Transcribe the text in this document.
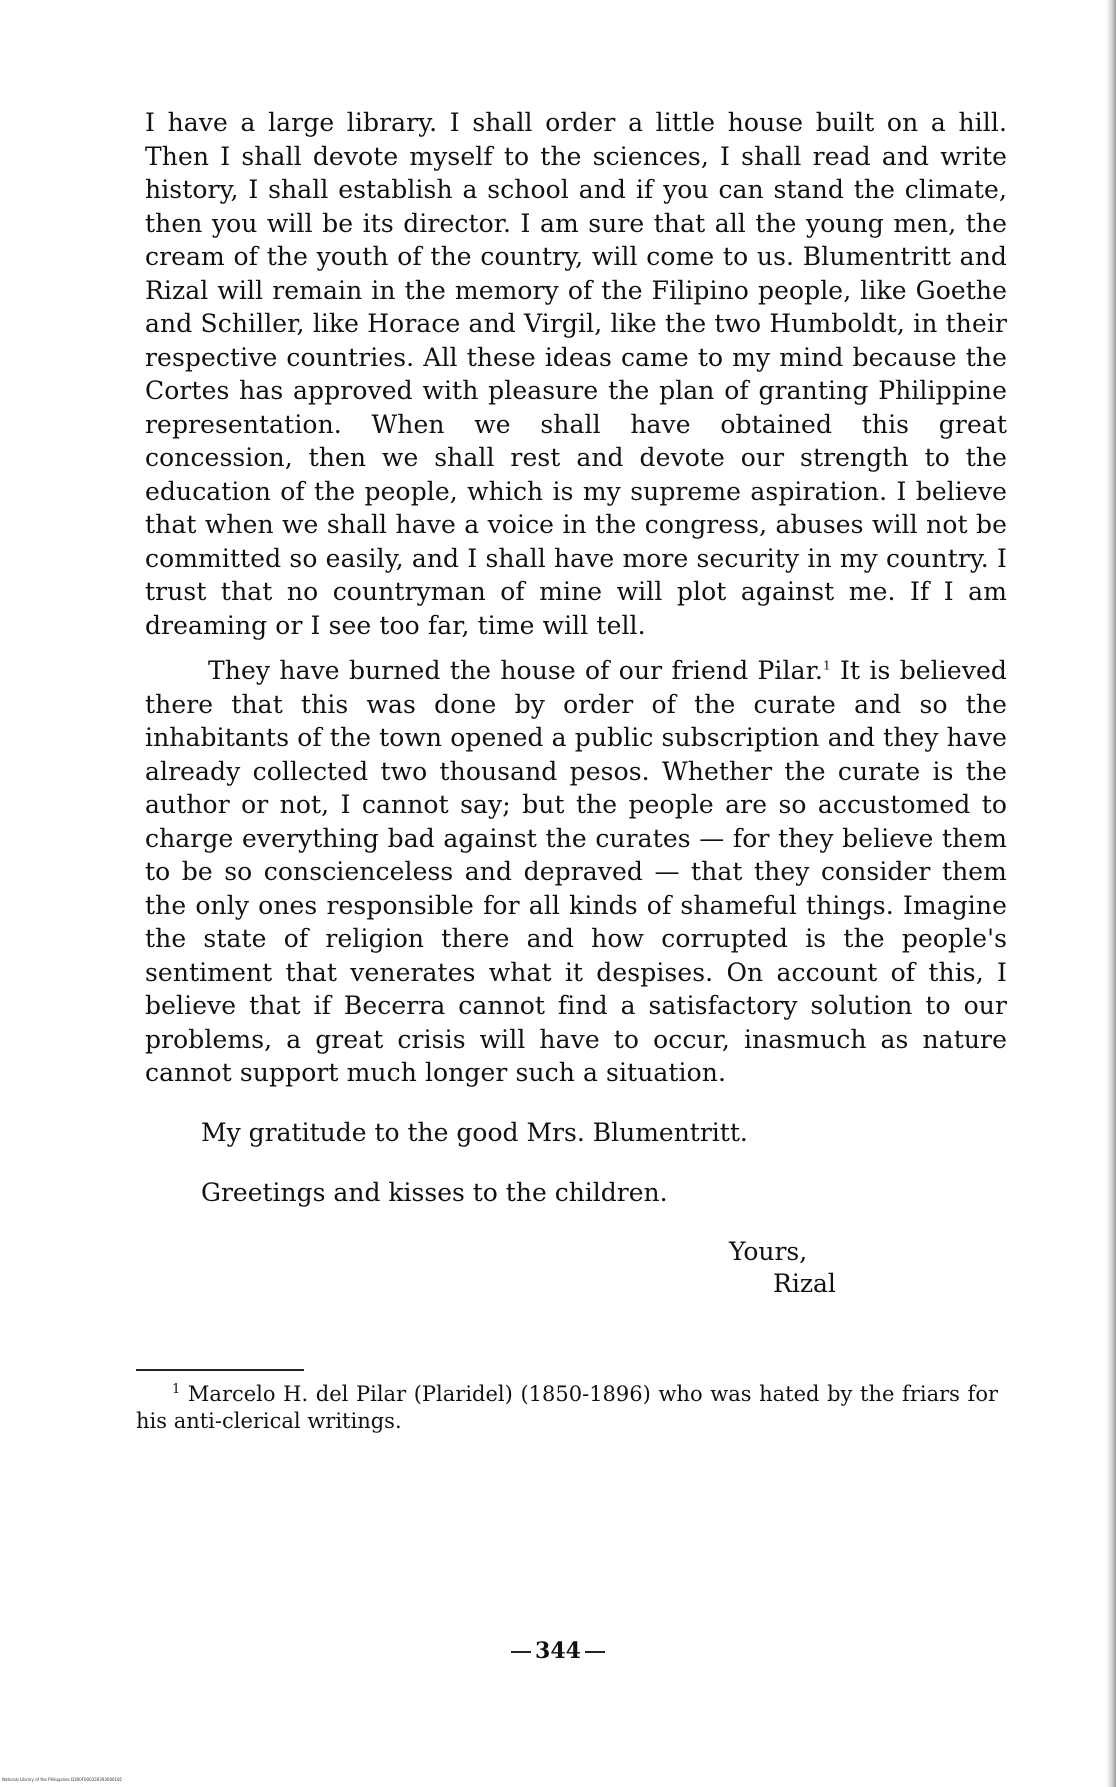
I have a large library. I shall order a little house built on a hill. Then I shall devote myself to the sciences, I shall read and write history, I shall establish a school and if you can stand the climate, then you will be its director. I am sure that all the young men, the cream of the youth of the country, will come to us. Blumentritt and Rizal will remain in the memory of the Filipino people, like Goethe and Schiller, like Horace and Virgil, like the two Humboldt, in their respective countries. All these ideas came to my mind because the Cortes has approved with pleasure the plan of granting Philippine representation. When we shall have obtained this great concession, then we shall rest and devote our strength to the education of the people, which is my supreme aspiration. I believe that when we shall have a voice in the congress, abuses will not be committed so easily, and I shall have more security in my country. I trust that no countryman of mine will plot against me. If I am dreaming or I see too far, time will tell.

They have burned the house of our friend Pilar.$^1$ It is believed there that this was done by order of the curate and so the inhabitants of the town opened a public subscription and they have already collected two thousand pesos. Whether the curate is the author or not, I cannot say; but the people are so accustomed to charge everything bad against the curates — for they believe them to be so conscienceless and depraved — that they consider them the only ones responsible for all kinds of shameful things. Imagine the state of religion there and how corrupted is the people's sentiment that venerates what it despises. On account of this, I believe that if Becerra cannot find a satisfactory solution to our problems, a great crisis will have to occur, inasmuch as nature cannot support much longer such a situation.

My gratitude to the good Mrs. Blumentritt.

Greetings and kisses to the children.

Yours,
Rizal

$^1$ Marcelo H. del Pilar (Plaridel) (1850-1896) who was hated by the friars for his anti-clerical writings.

344
National Library of the Philippines D300F000330393000181
